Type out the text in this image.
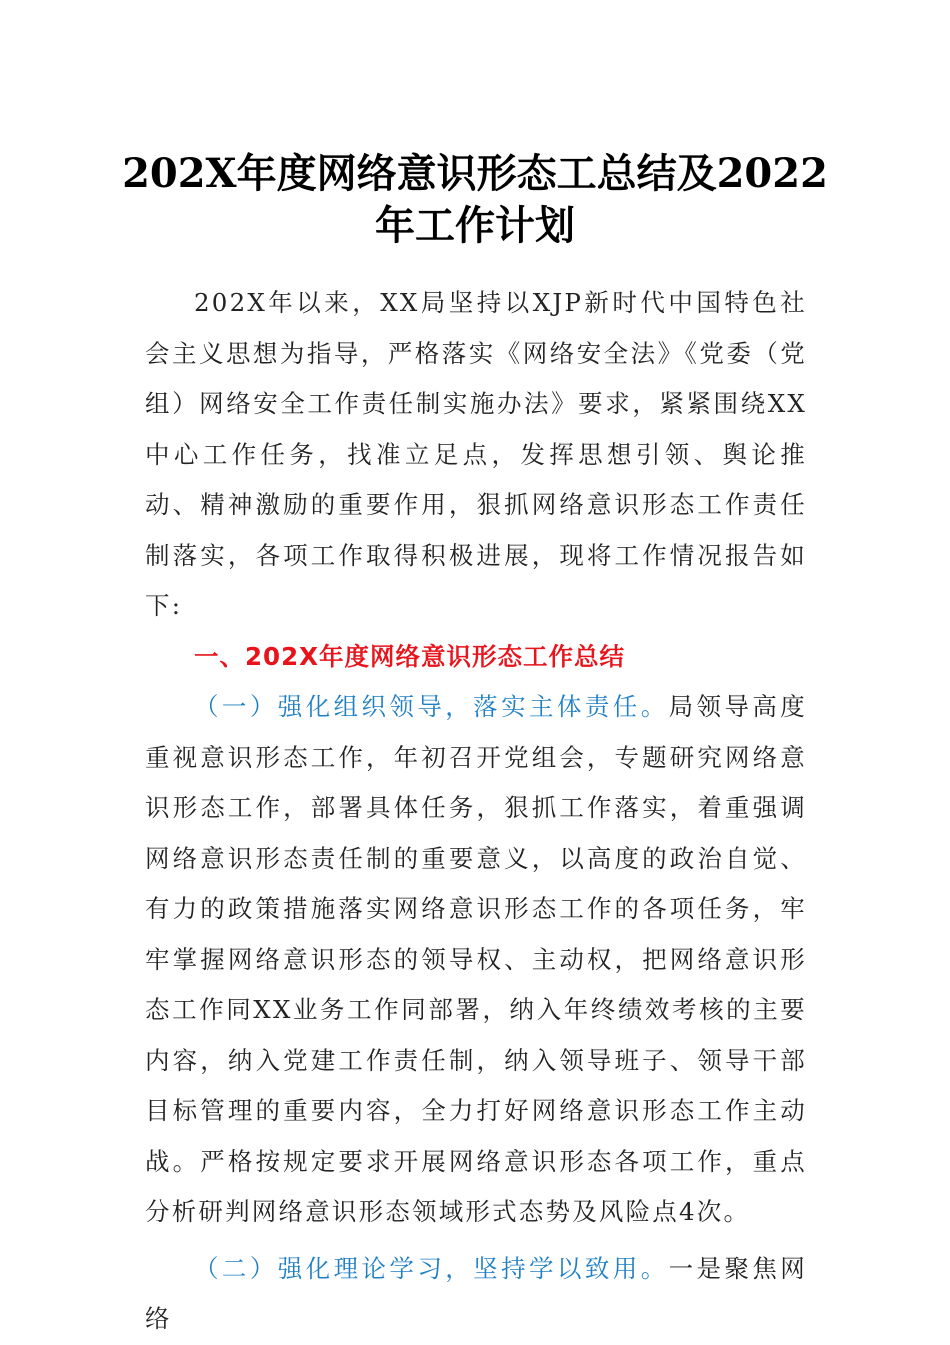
202X年度网络意识形态工总结及2022年工作计划

202X年以来，XX局坚持以XJP新时代中国特色社会主义思想为指导，严格落实《网络安全法》《党委（党组）网络安全工作责任制实施办法》要求，紧紧围绕XX中心工作任务，找准立足点，发挥思想引领、舆论推动、精神激励的重要作用，狠抓网络意识形态工作责任制落实，各项工作取得积极进展，现将工作情况报告如下:

一、202X年度网络意识形态工作总结

（一）强化组织领导，落实主体责任。局领导高度重视意识形态工作，年初召开党组会，专题研究网络意识形态工作，部署具体任务，狠抓工作落实，着重强调网络意识形态责任制的重要意义，以高度的政治自觉、有力的政策措施落实网络意识形态工作的各项任务，牢牢掌握网络意识形态的领导权、主动权，把网络意识形态工作同XX业务工作同部署，纳入年终绩效考核的主要内容，纳入党建工作责任制，纳入领导班子、领导干部目标管理的重要内容，全力打好网络意识形态工作主动战。严格按规定要求开展网络意识形态各项工作，重点分析研判网络意识形态领域形式态势及风险点4次。

（二）强化理论学习，坚持学以致用。一是聚焦网络
